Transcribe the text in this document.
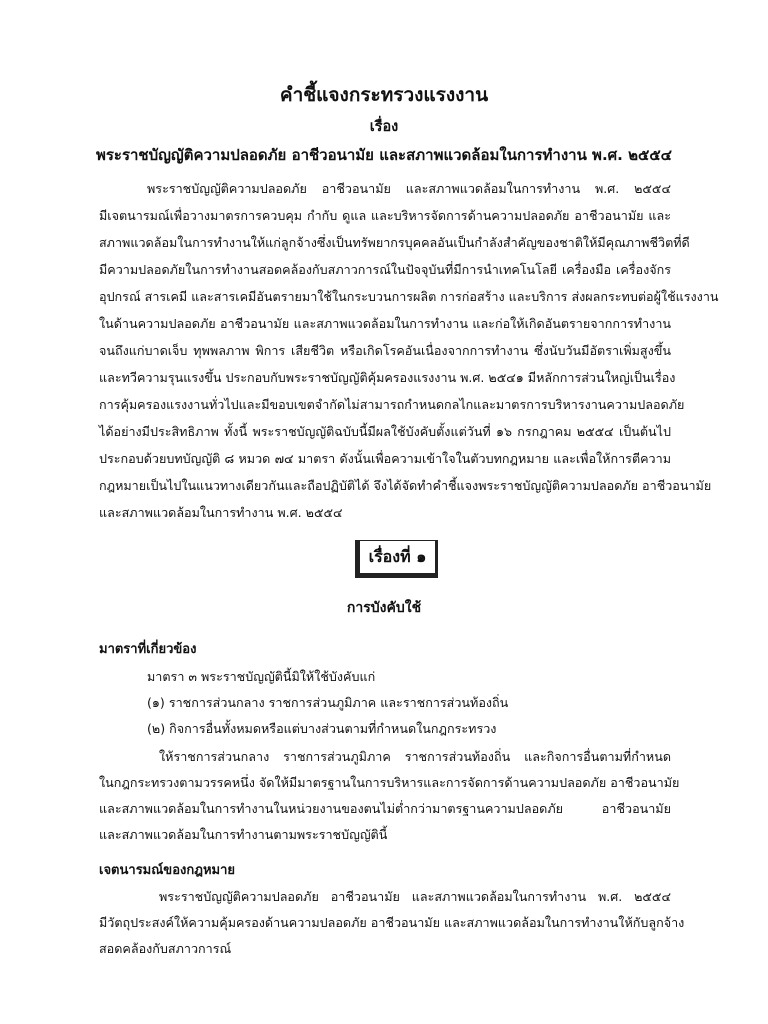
คำชี้แจงกระทรวงแรงงาน
เรื่อง
พระราชบัญญัติความปลอดภัย อาชีวอนามัย และสภาพแวดล้อมในการทำงาน พ.ศ. ๒๕๕๔
พระราชบัญญัติความปลอดภัย อาชีวอนามัย และสภาพแวดล้อมในการทำงาน พ.ศ. ๒๕๕๔
มีเจตนารมณ์เพื่อวางมาตรการควบคุม กำกับ ดูแล และบริหารจัดการด้านความปลอดภัย อาชีวอนามัย และ
สภาพแวดล้อมในการทำงานให้แก่ลูกจ้างซึ่งเป็นทรัพยากรบุคคลอันเป็นกำลังสำคัญของชาติให้มีคุณภาพชีวิตที่ดี
มีความปลอดภัยในการทำงานสอดคล้องกับสภาวการณ์ในปัจจุบันที่มีการนำเทคโนโลยี เครื่องมือ เครื่องจักร
อุปกรณ์ สารเคมี และสารเคมีอันตรายมาใช้ในกระบวนการผลิต การก่อสร้าง และบริการ ส่งผลกระทบต่อผู้ใช้แรงงาน
ในด้านความปลอดภัย อาชีวอนามัย และสภาพแวดล้อมในการทำงาน และก่อให้เกิดอันตรายจากการทำงาน
จนถึงแก่บาดเจ็บ ทุพพลภาพ พิการ เสียชีวิต หรือเกิดโรคอันเนื่องจากการทำงาน ซึ่งนับวันมีอัตราเพิ่มสูงขึ้น
และทวีความรุนแรงขึ้น ประกอบกับพระราชบัญญัติคุ้มครองแรงงาน พ.ศ. ๒๕๔๑ มีหลักการส่วนใหญ่เป็นเรื่อง
การคุ้มครองแรงงานทั่วไปและมีขอบเขตจำกัดไม่สามารถกำหนดกลไกและมาตรการบริหารงานความปลอดภัย
ได้อย่างมีประสิทธิภาพ ทั้งนี้ พระราชบัญญัติฉบับนี้มีผลใช้บังคับตั้งแต่วันที่ ๑๖ กรกฎาคม ๒๕๕๔ เป็นต้นไป
ประกอบด้วยบทบัญญัติ ๘ หมวด ๗๔ มาตรา ดังนั้นเพื่อความเข้าใจในตัวบทกฎหมาย และเพื่อให้การตีความ
กฎหมายเป็นไปในแนวทางเดียวกันและถือปฏิบัติได้ จึงได้จัดทำคำชี้แจงพระราชบัญญัติความปลอดภัย อาชีวอนามัย
และสภาพแวดล้อมในการทำงาน พ.ศ. ๒๕๕๔
เรื่องที่ ๑
การบังคับใช้
มาตราที่เกี่ยวข้อง
มาตรา ๓ พระราชบัญญัตินี้มิให้ใช้บังคับแก่
(๑) ราชการส่วนกลาง ราชการส่วนภูมิภาค และราชการส่วนท้องถิ่น
(๒) กิจการอื่นทั้งหมดหรือแต่บางส่วนตามที่กำหนดในกฎกระทรวง
ให้ราชการส่วนกลาง ราชการส่วนภูมิภาค ราชการส่วนท้องถิ่น และกิจการอื่นตามที่กำหนด
ในกฎกระทรวงตามวรรคหนึ่ง จัดให้มีมาตรฐานในการบริหารและการจัดการด้านความปลอดภัย อาชีวอนามัย
และสภาพแวดล้อมในการทำงานในหน่วยงานของตนไม่ต่ำกว่ามาตรฐานความปลอดภัย อาชีวอนามัย
และสภาพแวดล้อมในการทำงานตามพระราชบัญญัตินี้
เจตนารมณ์ของกฎหมาย
พระราชบัญญัติความปลอดภัย อาชีวอนามัย และสภาพแวดล้อมในการทำงาน พ.ศ. ๒๕๕๔
มีวัตถุประสงค์ให้ความคุ้มครองด้านความปลอดภัย อาชีวอนามัย และสภาพแวดล้อมในการทำงานให้กับลูกจ้าง
สอดคล้องกับสภาวการณ์
